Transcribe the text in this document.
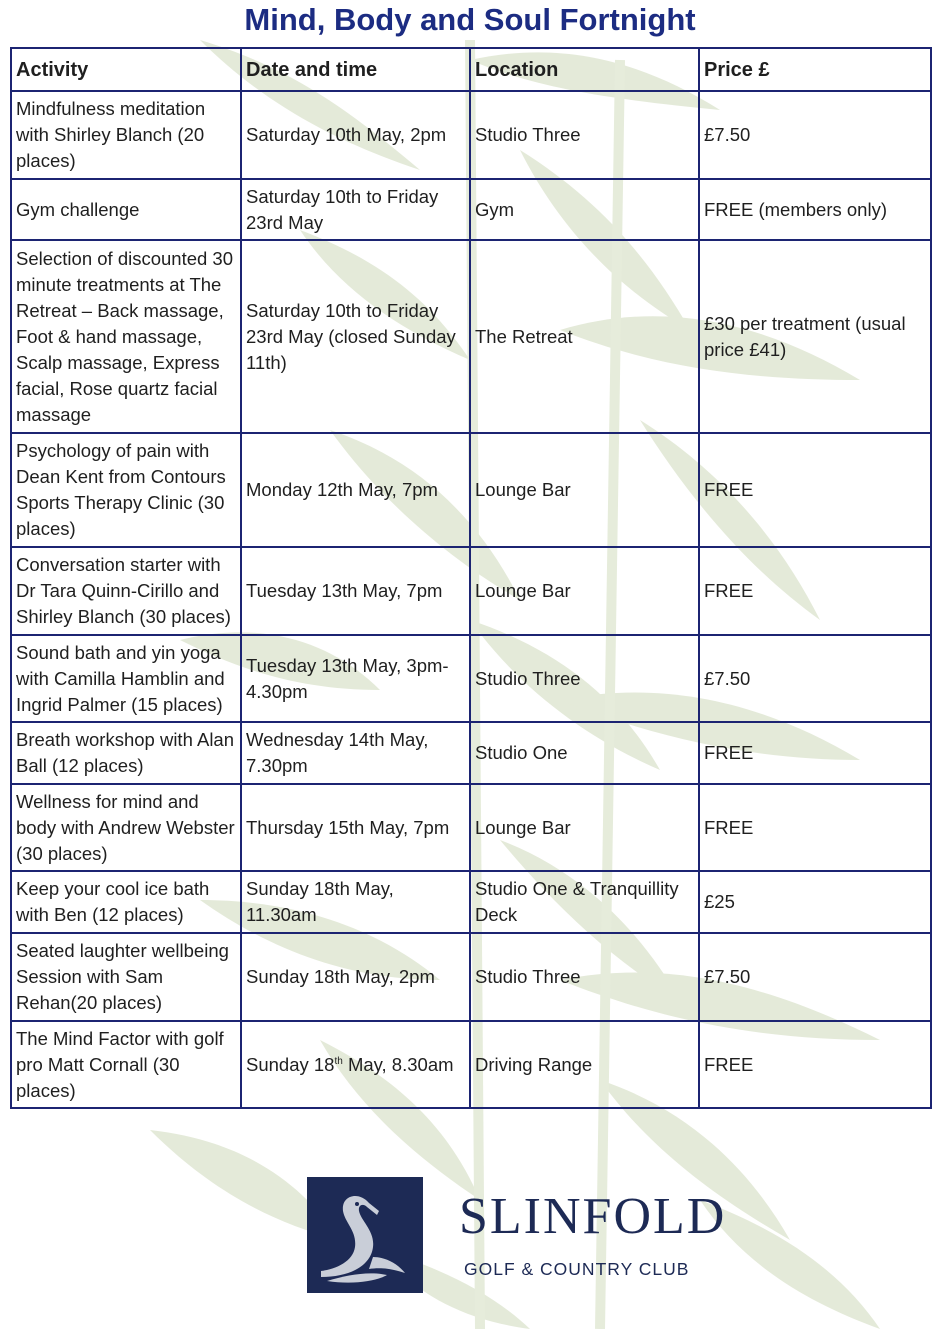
Mind, Body and Soul Fortnight
Activity	Date and time	Location	Price £
Mindfulness meditation with Shirley Blanch (20 places)	Saturday 10th May, 2pm	Studio Three	£7.50
Gym challenge	Saturday 10th to Friday 23rd May	Gym	FREE (members only)
Selection of discounted 30 minute treatments at The Retreat – Back massage, Foot & hand massage, Scalp massage, Express facial, Rose quartz facial massage	Saturday 10th to Friday 23rd May (closed Sunday 11th)	The Retreat	£30 per treatment (usual price £41)
Psychology of pain with Dean Kent from Contours Sports Therapy Clinic (30 places)	Monday 12th May, 7pm	Lounge Bar	FREE
Conversation starter with Dr Tara Quinn-Cirillo and Shirley Blanch (30 places)	Tuesday 13th May, 7pm	Lounge Bar	FREE
Sound bath and yin yoga with Camilla Hamblin and Ingrid Palmer (15 places)	Tuesday 13th May, 3pm-4.30pm	Studio Three	£7.50
Breath workshop with Alan Ball (12 places)	Wednesday 14th May, 7.30pm	Studio One	FREE
Wellness for mind and body with Andrew Webster (30 places)	Thursday 15th May, 7pm	Lounge Bar	FREE
Keep your cool ice bath with Ben (12 places)	Sunday 18th May, 11.30am	Studio One & Tranquillity Deck	£25
Seated laughter wellbeing Session with Sam Rehan(20 places)	Sunday 18th May, 2pm	Studio Three	£7.50
The Mind Factor with golf pro Matt Cornall (30 places)	Sunday 18th May, 8.30am	Driving Range	FREE
SLINFOLD
GOLF & COUNTRY CLUB
